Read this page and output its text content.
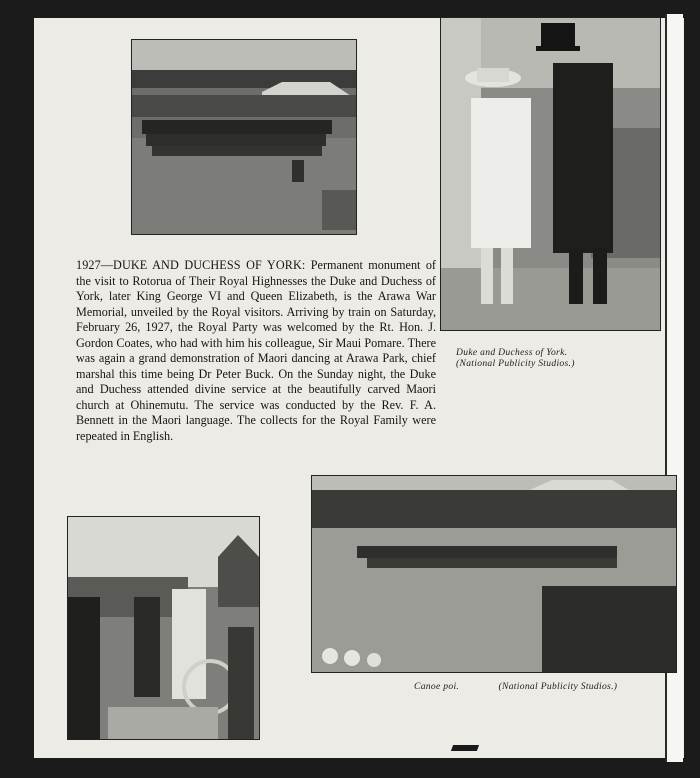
1927—DUKE AND DUCHESS OF YORK: Permanent monument of the visit to Rotorua of Their Royal Highnesses the Duke and Duchess of York, later King George VI and Queen Elizabeth, is the Arawa War Memorial, unveiled by the Royal visitors. Arriving by train on Saturday, February 26, 1927, the Royal Party was welcomed by the Rt. Hon. J. Gordon Coates, who had with him his colleague, Sir Maui Pomare. There was again a grand demonstration of Maori dancing at Arawa Park, chief marshal this time being Dr Peter Buck. On the Sunday night, the Duke and Duchess attended divine service at the beautifully carved Maori church at Ohinemutu. The service was conducted by the Rev. F. A. Bennett in the Maori language. The collects for the Royal Family were repeated in English.

Duke and Duchess of York.
(National Publicity Studios.)

Canoe poi.	(National Publicity Studios.)
